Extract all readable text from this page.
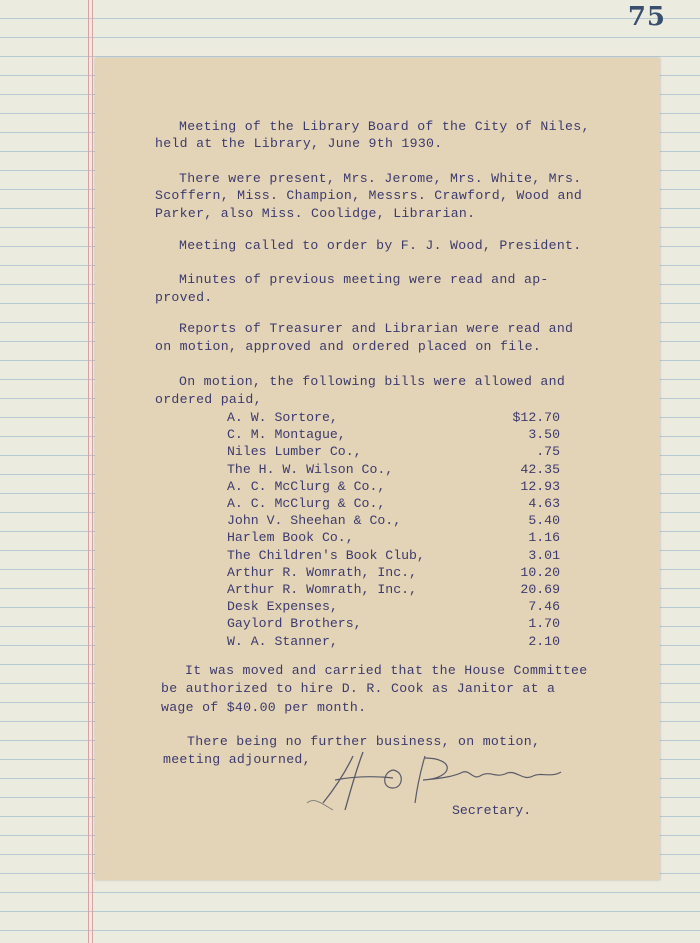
75
Meeting of the Library Board of the City of Niles,
held at the Library, June 9th 1930.
There were present, Mrs. Jerome, Mrs. White, Mrs.
Scoffern, Miss. Champion, Messrs. Crawford, Wood and
Parker, also Miss. Coolidge, Librarian.
Meeting called to order by F. J. Wood, President.
Minutes of previous meeting were read and ap-
proved.
Reports of Treasurer and Librarian were read and
on motion, approved and ordered placed on file.
On motion, the following bills were allowed and
ordered paid,
A. W. Sortore,	$12.70
C. M. Montague,	3.50
Niles Lumber Co.,	.75
The H. W. Wilson Co.,	42.35
A. C. McClurg & Co.,	12.93
A. C. McClurg & Co.,	4.63
John V. Sheehan & Co.,	5.40
Harlem Book Co.,	1.16
The Children's Book Club,	3.01
Arthur R. Womrath, Inc.,	10.20
Arthur R. Womrath, Inc.,	20.69
Desk Expenses,	7.46
Gaylord Brothers,	1.70
W. A. Stanner,	2.10
It was moved and carried that the House Committee
be authorized to hire D. R. Cook as Janitor at a
wage of $40.00 per month.
There being no further business, on motion,
meeting adjourned,
Secretary.
